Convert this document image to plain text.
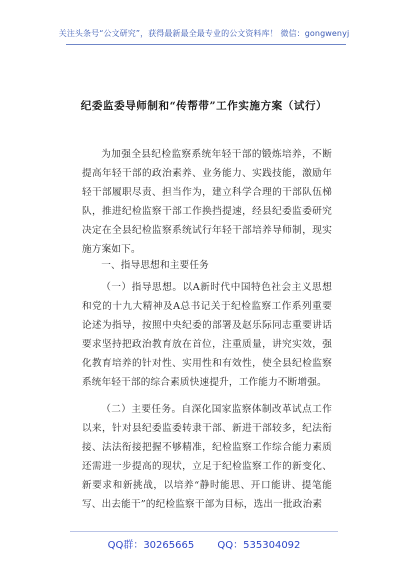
关注头条号“公文研究”，获得最新最全最专业的公文资料库！ 微信：gongwenyj
纪委监委导师制和“传帮带”工作实施方案（试行）

为加强全县纪检监察系统年轻干部的锻炼培养，不断提高年轻干部的政治素养、业务能力、实践技能，激励年轻干部履职尽责、担当作为，建立科学合理的干部队伍梯队，推进纪检监察干部工作换挡提速，经县纪委监委研究决定在全县纪检监察系统试行年轻干部培养导师制，现实施方案如下。

一、指导思想和主要任务

（一）指导思想。以A新时代中国特色社会主义思想和党的十九大精神及A总书记关于纪检监察工作系列重要论述为指导，按照中央纪委的部署及赵乐际同志重要讲话要求坚持把政治教育放在首位，注重质量，讲究实效，强化教育培养的针对性、实用性和有效性，使全县纪检监察系统年轻干部的综合素质快速提升，工作能力不断增强。

（二）主要任务。自深化国家监察体制改革试点工作以来，针对县纪委监委转隶干部、新进干部较多，纪法衔接、法法衔接把握不够精准，纪检监察工作综合能力素质还需进一步提高的现状，立足于纪检监察工作的新变化、新要求和新挑战，以培养“静时能思、开口能讲、提笔能写、出去能干”的纪检监察干部为目标，选出一批政治素

QQ群：30265665 QQ：535304092
